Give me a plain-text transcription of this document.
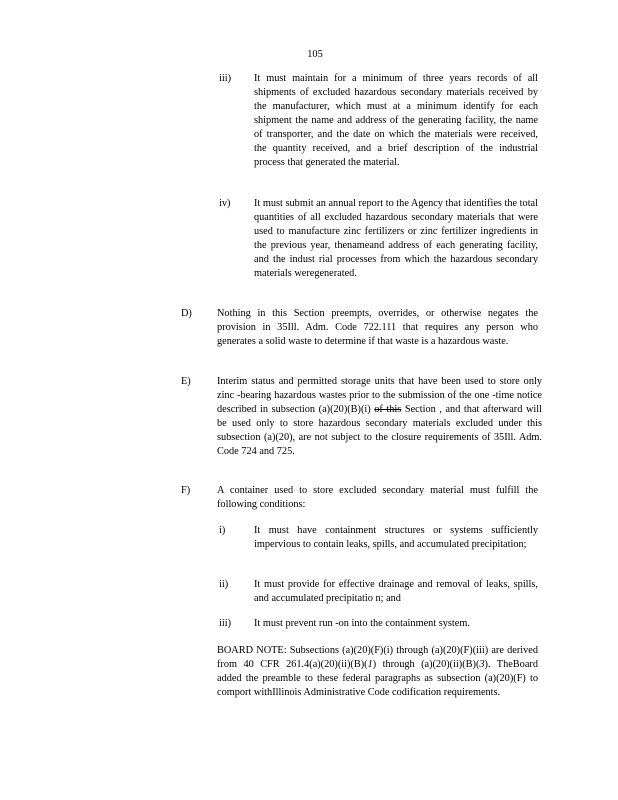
105
iii) It must maintain for a minimum of three years records of all shipments of excluded hazardous secondary materials received by the manufacturer, which must at a minimum identify for each shipment the name and address of the generating facility, the name of transporter, and the date on which the materials were received, the quantity received, and a brief description of the industrial process that generated the material.
iv) It must submit an annual report to the Agency that identifies the total quantities of all excluded hazardous secondary materials that were used to manufacture zinc fertilizers or zinc fertilizer ingredients in the previous year, thenameand address of each generating facility, and the indust rial processes from which the hazardous secondary materials weregenerated.
D) Nothing in this Section preempts, overrides, or otherwise negates the provision in 35Ill. Adm. Code 722.111 that requires any person who generates a solid waste to determine if that waste is a hazardous waste.
E)	Interim status and permitted storage units that have been used to store only zinc -bearing hazardous wastes prior to the submission of the one -time notice described in subsection (a)(20)(B)(i) of this Section , and that afterward will be used only to store hazardous secondary materials excluded under this subsection (a)(20), are not subject to the closure requirements of 35Ill. Adm. Code 724 and 725.
F)	A container used to store excluded secondary material must fulfill the following conditions:
i)	It must have containment structures or systems sufficiently impervious to contain leaks, spills, and accumulated precipitation;
ii)	It must provide for effective drainage and removal of leaks, spills, and accumulated precipitatio n; and
iii) It must prevent run -on into the containment system.
BOARD NOTE: Subsections (a)(20)(F)(i) through (a)(20)(F)(iii) are derived from 40 CFR 261.4(a)(20)(ii)(B)(1) through (a)(20)(ii)(B)(3). TheBoard added the preamble to these federal paragraphs as subsection (a)(20)(F) to comport withIllinois Administrative Code codification requirements.
